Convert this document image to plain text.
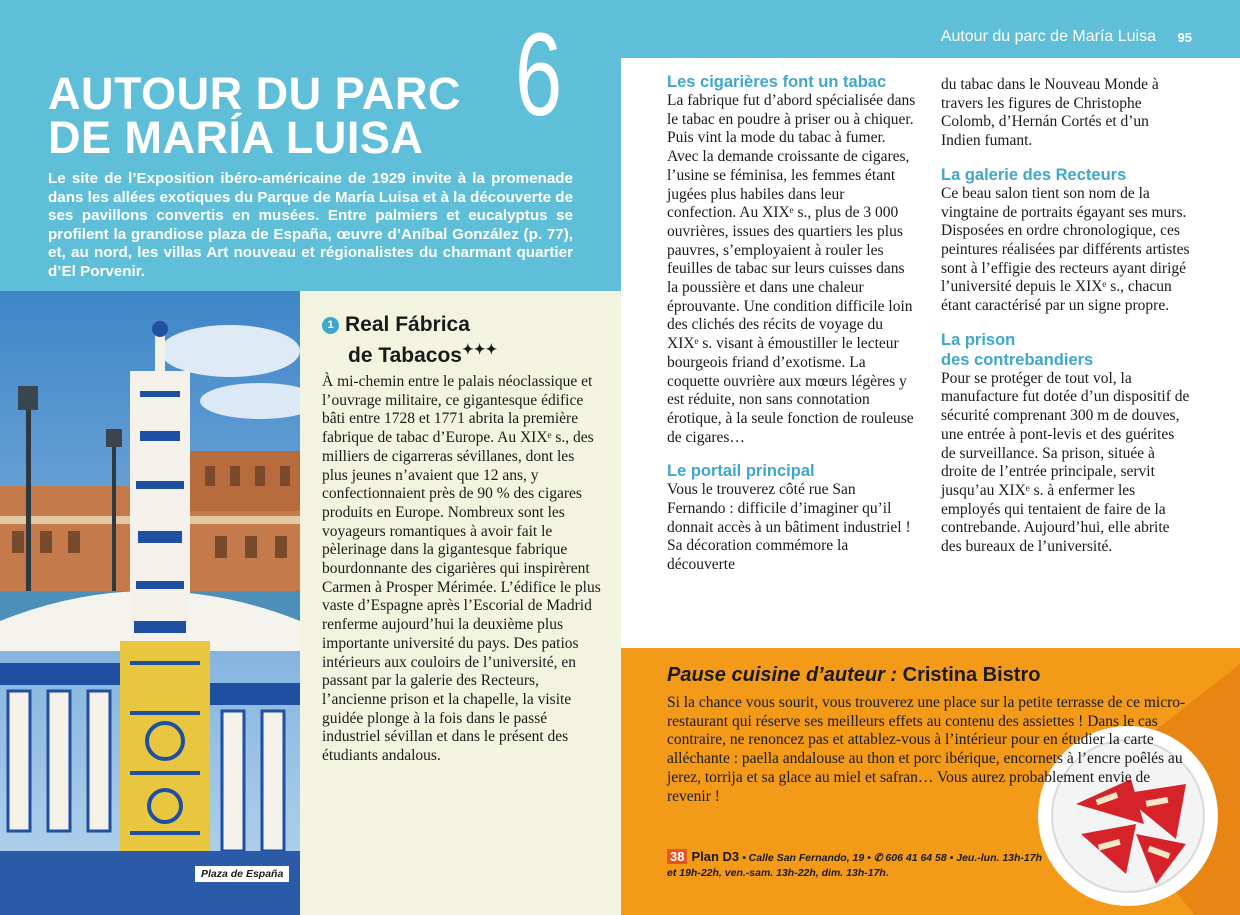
AUTOUR DU PARC
DE MARÍA LUISA 6

Le site de l’Exposition ibéro-américaine de 1929 invite à la promenade dans les allées exotiques du Parque de María Luisa et à la découverte de ses pavillons convertis en musées. Entre palmiers et eucalyptus se profilent la grandiose plaza de España, œuvre d’Aníbal González (p. 77), et, au nord, les villas Art nouveau et régionalistes du charmant quartier d’El Porvenir.

Autour du parc de María Luisa 95
Plaza de España
1 Real Fábrica
de Tabacos✦✦✦

À mi-chemin entre le palais néoclassique et l’ouvrage militaire, ce gigantesque édifice bâti entre 1728 et 1771 abrita la première fabrique de tabac d’Europe. Au XIXᵉ s., des milliers de cigarreras sévillanes, dont les plus jeunes n’avaient que 12 ans, y confectionnaient près de 90 % des cigares produits en Europe. Nombreux sont les voyageurs romantiques à avoir fait le pèlerinage dans la gigantesque fabrique bourdonnante des cigarières qui inspirèrent Carmen à Prosper Mérimée. L’édifice le plus vaste d’Espagne après l’Escorial de Madrid renferme aujourd’hui la deuxième plus importante université du pays. Des patios intérieurs aux couloirs de l’université, en passant par la galerie des Recteurs, l’ancienne prison et la chapelle, la visite guidée plonge à la fois dans le passé industriel sévillan et dans le présent des étudiants andalous.

Les cigarières font un tabac

La fabrique fut d’abord spécialisée dans le tabac en poudre à priser ou à chiquer. Puis vint la mode du tabac à fumer. Avec la demande croissante de cigares, l’usine se féminisa, les femmes étant jugées plus habiles dans leur confection. Au XIXᵉ s., plus de 3 000 ouvrières, issues des quartiers les plus pauvres, s’employaient à rouler les feuilles de tabac sur leurs cuisses dans la poussière et dans une chaleur éprouvante. Une condition difficile loin des clichés des récits de voyage du XIXᵉ s. visant à émoustiller le lecteur bourgeois friand d’exotisme. La coquette ouvrière aux mœurs légères y est réduite, non sans connotation érotique, à la seule fonction de rouleuse de cigares…

Le portail principal

Vous le trouverez côté rue San Fernando : difficile d’imaginer qu’il donnait accès à un bâtiment industriel ! Sa décoration commémore la découverte

du tabac dans le Nouveau Monde à travers les figures de Christophe Colomb, d’Hernán Cortés et d’un Indien fumant.

La galerie des Recteurs

Ce beau salon tient son nom de la vingtaine de portraits égayant ses murs. Disposées en ordre chronologique, ces peintures réalisées par différents artistes sont à l’effigie des recteurs ayant dirigé l’université depuis le XIXᵉ s., chacun étant caractérisé par un signe propre.

La prison
des contrebandiers

Pour se protéger de tout vol, la manufacture fut dotée d’un dispositif de sécurité comprenant 300 m de douves, une entrée à pont-levis et des guérites de surveillance. Sa prison, située à droite de l’entrée principale, servit jusqu’au XIXᵉ s. à enfermer les employés qui tentaient de faire de la contrebande. Aujourd’hui, elle abrite des bureaux de l’université.

Pause cuisine d’auteur : Cristina Bistro

Si la chance vous sourit, vous trouverez une place sur la petite terrasse de ce micro-restaurant qui réserve ses meilleurs effets au contenu des assiettes ! Dans le cas contraire, ne renoncez pas et attablez-vous à l’intérieur pour en étudier la carte alléchante : paella andalouse au thon et porc ibérique, encornets à l’encre poêlés au jerez, torrija et sa glace au miel et safran… Vous aurez probablement envie de revenir !

38 Plan D3 • Calle San Fernando, 19 • ✆ 606 41 64 58 • Jeu.-lun. 13h-17h et 19h-22h, ven.-sam. 13h-22h, dim. 13h-17h.
